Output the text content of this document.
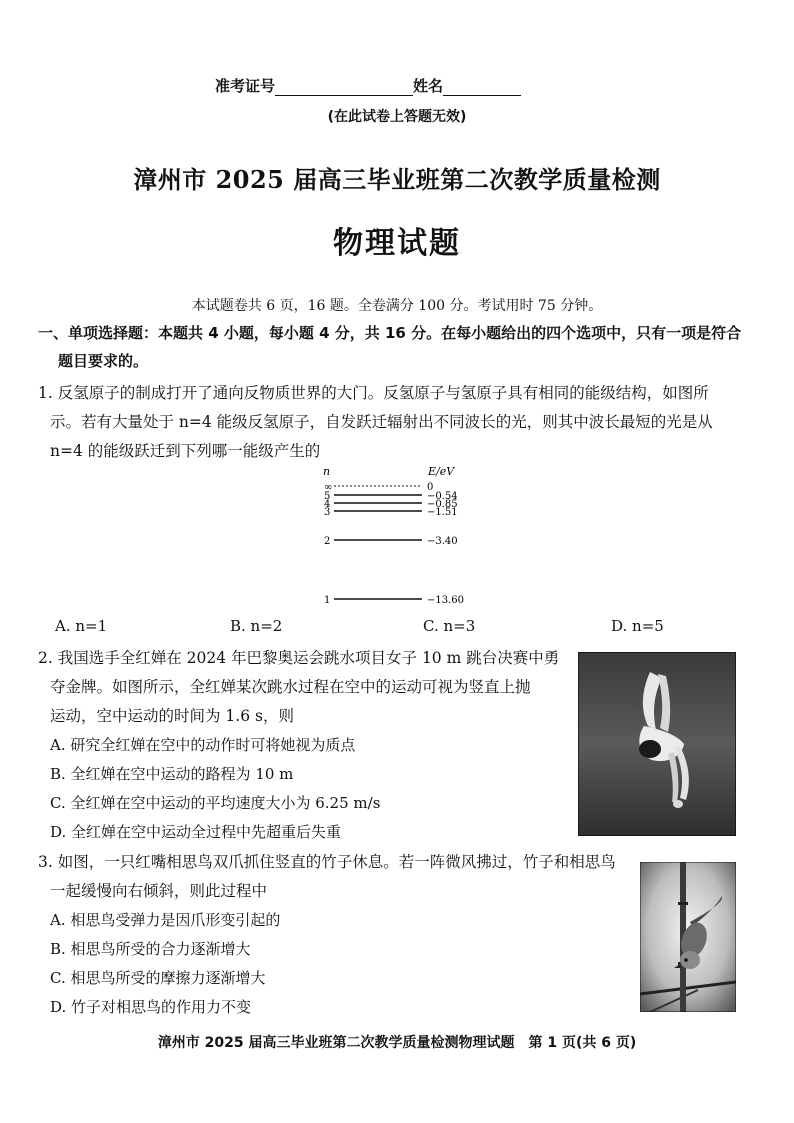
准考证号	姓名
(在此试卷上答题无效)
漳州市 2025 届高三毕业班第二次教学质量检测
物理试题
本试题卷共 6 页，16 题。全卷满分 100 分。考试用时 75 分钟。
一、单项选择题：本题共 4 小题，每小题 4 分，共 16 分。在每小题给出的四个选项中，只有一项是符合
题目要求的。
1. 反氢原子的制成打开了通向反物质世界的大门。反氢原子与氢原子具有相同的能级结构，如图所
示。若有大量处于 n=4 能级反氢原子，自发跃迁辐射出不同波长的光，则其中波长最短的光是从
n=4 的能级跃迁到下列哪一能级产生的
n	E/eV
∞	0
5	−0.54
4	−0.85
3	−1.51
2	−3.40
1	−13.60
A. n=1	B. n=2	C. n=3	D. n=5
2. 我国选手全红婵在 2024 年巴黎奥运会跳水项目女子 10 m 跳台决赛中勇
夺金牌。如图所示，全红婵某次跳水过程在空中的运动可视为竖直上抛
运动，空中运动的时间为 1.6 s，则
A. 研究全红婵在空中的动作时可将她视为质点
B. 全红婵在空中运动的路程为 10 m
C. 全红婵在空中运动的平均速度大小为 6.25 m/s
D. 全红婵在空中运动全过程中先超重后失重
3. 如图，一只红嘴相思鸟双爪抓住竖直的竹子休息。若一阵微风拂过，竹子和相思鸟
一起缓慢向右倾斜，则此过程中
A. 相思鸟受弹力是因爪形变引起的
B. 相思鸟所受的合力逐渐增大
C. 相思鸟所受的摩擦力逐渐增大
D. 竹子对相思鸟的作用力不变
漳州市 2025 届高三毕业班第二次教学质量检测物理试题　第 1 页(共 6 页)
